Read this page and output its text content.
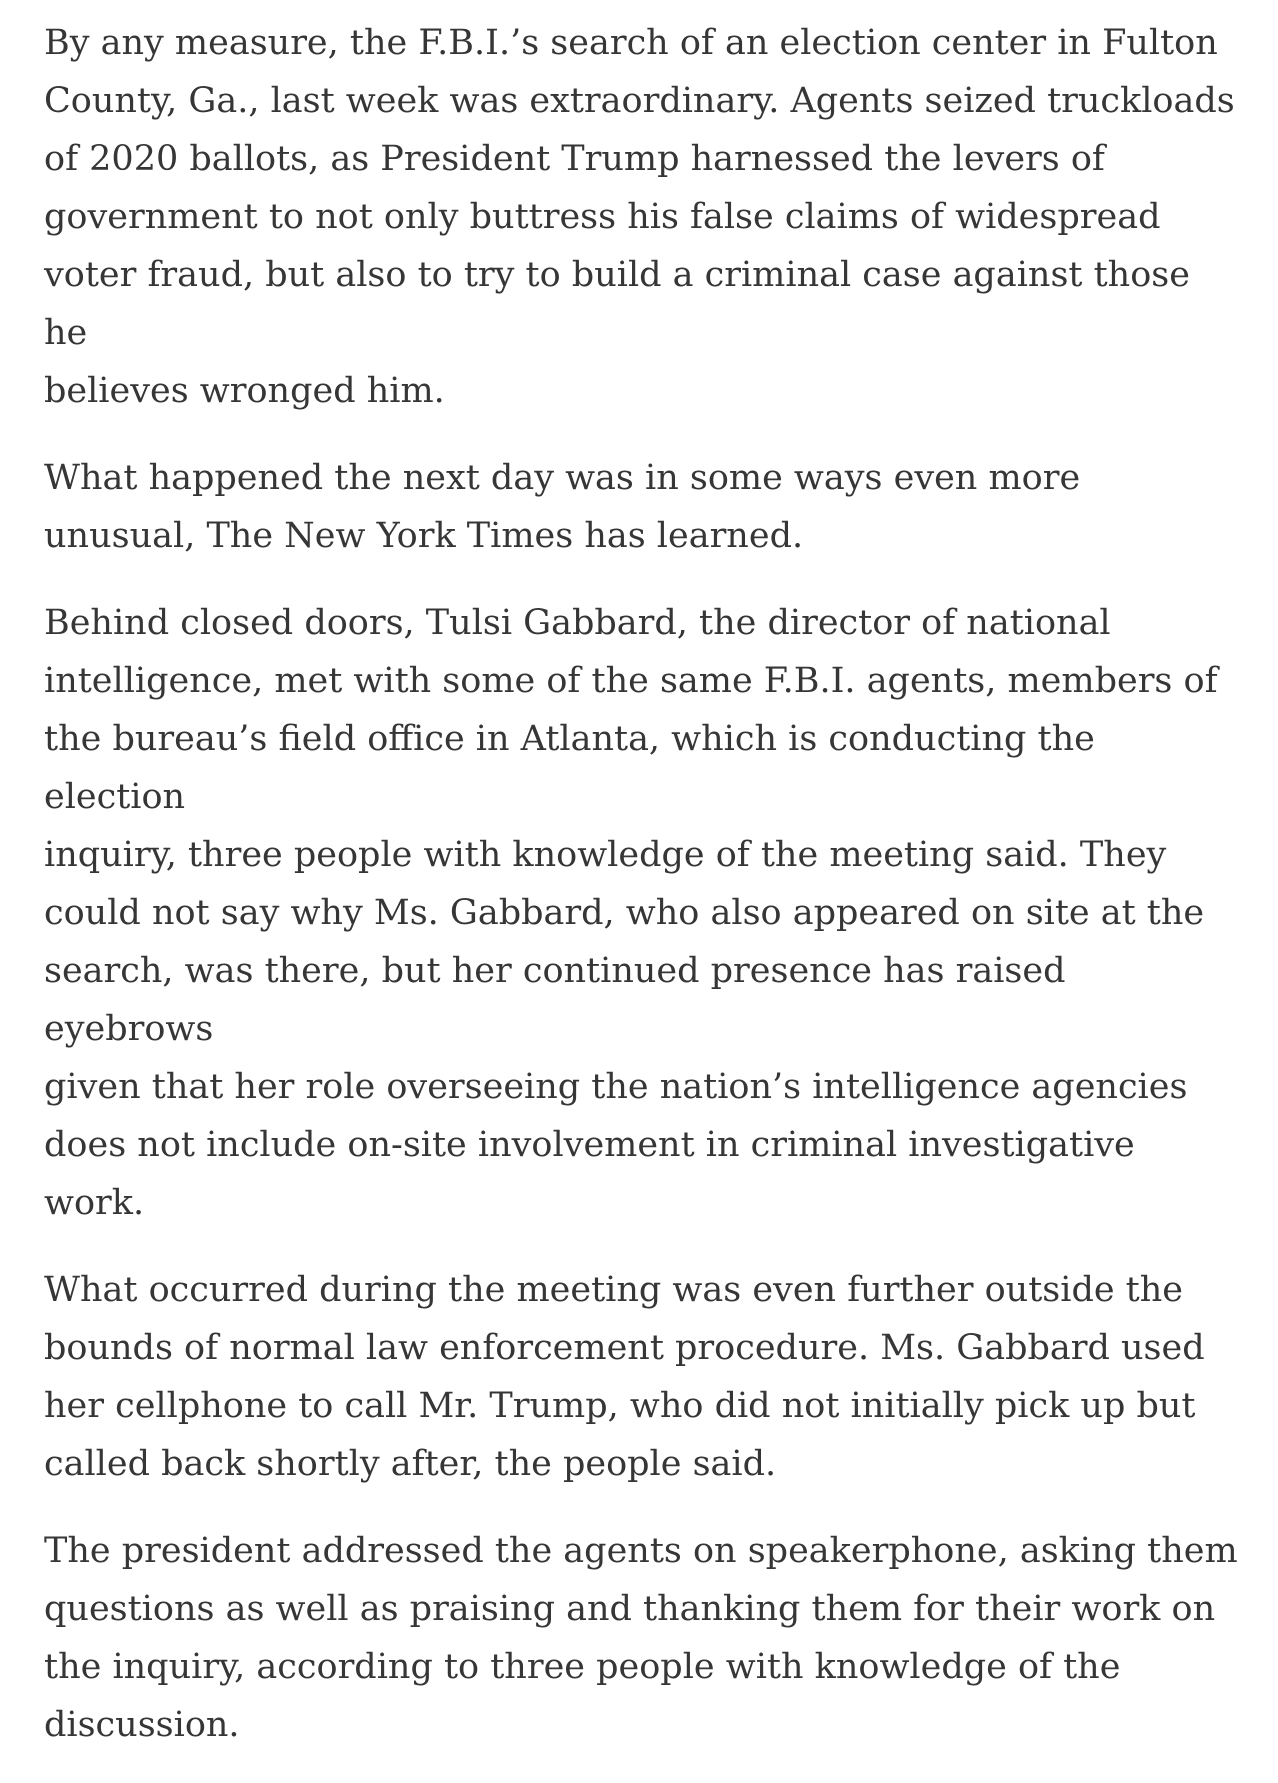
By any measure, the F.B.I.’s search of an election center in Fulton
County, Ga., last week was extraordinary. Agents seized truckloads
of 2020 ballots, as President Trump harnessed the levers of
government to not only buttress his false claims of widespread
voter fraud, but also to try to build a criminal case against those he
believes wronged him.

What happened the next day was in some ways even more
unusual, The New York Times has learned.

Behind closed doors, Tulsi Gabbard, the director of national
intelligence, met with some of the same F.B.I. agents, members of
the bureau’s field office in Atlanta, which is conducting the election
inquiry, three people with knowledge of the meeting said. They
could not say why Ms. Gabbard, who also appeared on site at the
search, was there, but her continued presence has raised eyebrows
given that her role overseeing the nation’s intelligence agencies
does not include on-site involvement in criminal investigative
work.

What occurred during the meeting was even further outside the
bounds of normal law enforcement procedure. Ms. Gabbard used
her cellphone to call Mr. Trump, who did not initially pick up but
called back shortly after, the people said.

The president addressed the agents on speakerphone, asking them
questions as well as praising and thanking them for their work on
the inquiry, according to three people with knowledge of the
discussion.
